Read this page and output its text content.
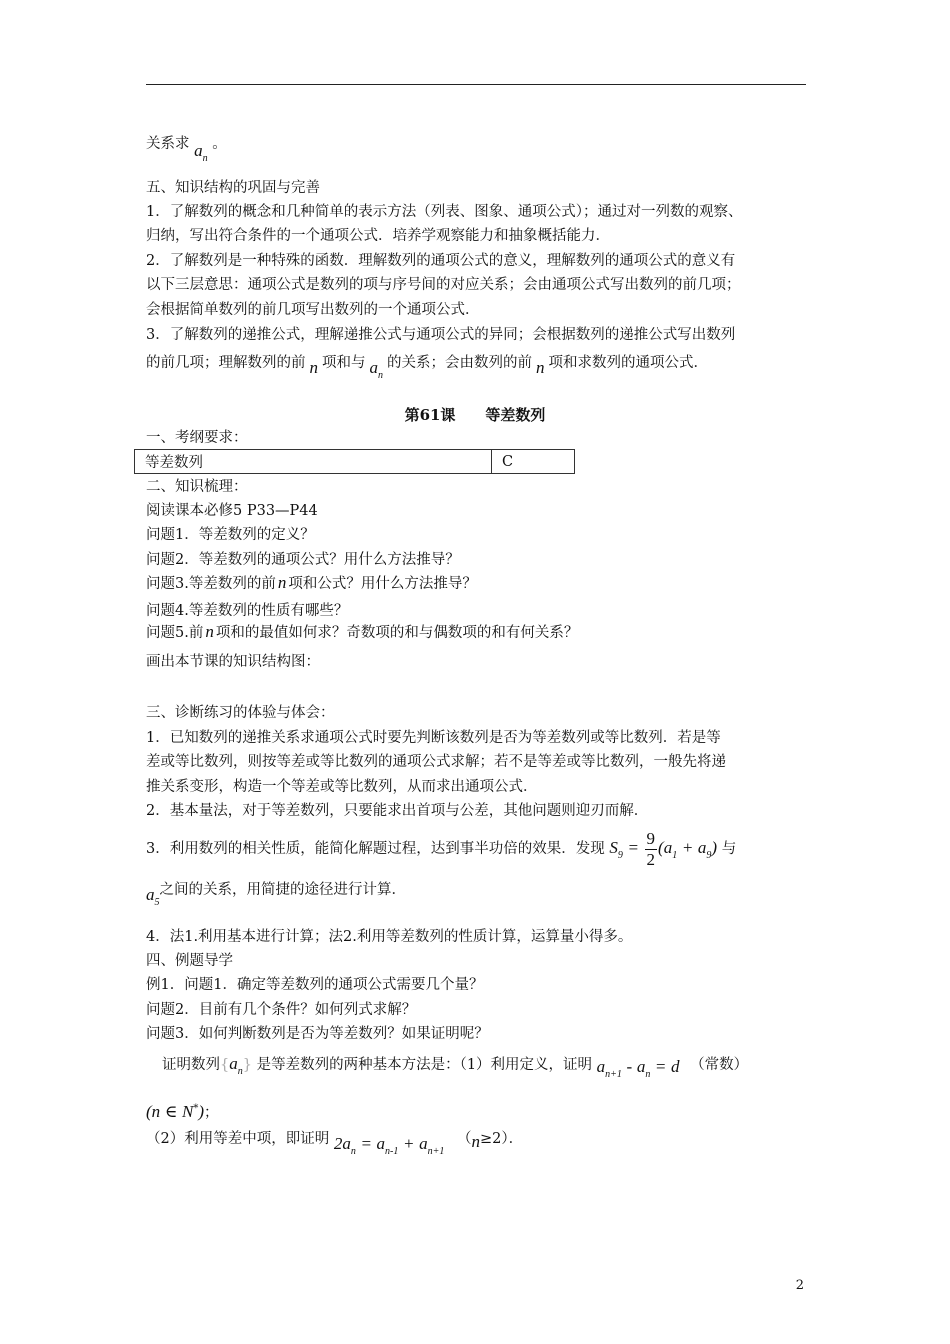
关系求 $a_n$ 。
五、知识结构的巩固与完善
1．了解数列的概念和几种简单的表示方法（列表、图象、通项公式）；通过对一列数的观察、
归纳，写出符合条件的一个通项公式．培养学观察能力和抽象概括能力．
2．了解数列是一种特殊的函数．理解数列的通项公式的意义，理解数列的通项公式的意义有
以下三层意思：通项公式是数列的项与序号间的对应关系；会由通项公式写出数列的前几项；
会根据简单数列的前几项写出数列的一个通项公式．
3．了解数列的递推公式，理解递推公式与通项公式的异同；会根据数列的递推公式写出数列
的前几项；理解数列的前 n 项和与 $a_n$的关系；会由数列的前 n 项和求数列的通项公式．
第61课　　等差数列
一、考纲要求：
等差数列	C
二、知识梳理：
阅读课本必修5 P33—P44
问题1．等差数列的定义？
问题2．等差数列的通项公式？用什么方法推导？
问题3.等差数列的前 n 项和公式？用什么方法推导？
问题4.等差数列的性质有哪些？
问题5.前 n 项和的最值如何求？奇数项的和与偶数项的和有何关系？
画出本节课的知识结构图：
三、诊断练习的体验与体会：
1．已知数列的递推关系求通项公式时要先判断该数列是否为等差数列或等比数列．若是等
差或等比数列，则按等差或等比数列的通项公式求解；若不是等差或等比数列，一般先将递
推关系变形，构造一个等差或等比数列，从而求出通项公式．
2．基本量法，对于等差数列，只要能求出首项与公差，其他问题则迎刃而解．
3．利用数列的相关性质，能简化解题过程，达到事半功倍的效果．发现 $S_9 = \frac{9}{2} (a_1 + a_9)$ 与
$a_5$之间的关系，用简捷的途径进行计算．
4．法1.利用基本进行计算；法2.利用等差数列的性质计算，运算量小得多。
四、例题导学
例1．问题1．确定等差数列的通项公式需要几个量？
问题2．目前有几个条件？如何列式求解？
问题3．如何判断数列是否为等差数列？如果证明呢？
证明数列$\{a_n\}$ 是等差数列的两种基本方法是：（1）利用定义，证明 $a_{n+1} - a_n = d$ （常数）
(n ∈ N*)；
（2）利用等差中项，即证明 $2a_n = a_{n-1} + a_{n+1}$ （n≥2）．
2
